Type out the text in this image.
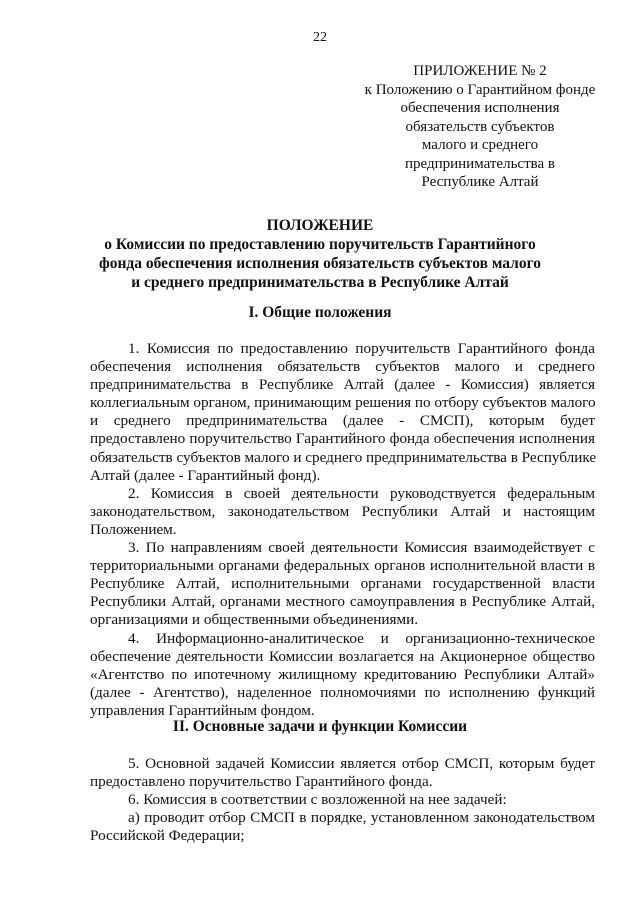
22
ПРИЛОЖЕНИЕ № 2
к Положению о Гарантийном фонде
обеспечения исполнения
обязательств субъектов
малого и среднего
предпринимательства в
Республике Алтай
ПОЛОЖЕНИЕ
о Комиссии по предоставлению поручительств Гарантийного
фонда обеспечения исполнения обязательств субъектов малого
и среднего предпринимательства в Республике Алтай
I. Общие положения
1. Комиссия по предоставлению поручительств Гарантийного фонда
обеспечения исполнения обязательств субъектов малого и среднего
предпринимательства в Республике Алтай (далее - Комиссия) является
коллегиальным органом, принимающим решения по отбору субъектов малого
и среднего предпринимательства (далее - СМСП), которым будет
предоставлено поручительство Гарантийного фонда обеспечения исполнения
обязательств субъектов малого и среднего предпринимательства в Республике
Алтай (далее - Гарантийный фонд).
2. Комиссия в своей деятельности руководствуется федеральным
законодательством, законодательством Республики Алтай и настоящим
Положением.
3. По направлениям своей деятельности Комиссия взаимодействует с
территориальными органами федеральных органов исполнительной власти в
Республике Алтай, исполнительными органами государственной власти
Республики Алтай, органами местного самоуправления в Республике Алтай,
организациями и общественными объединениями.
4. Информационно-аналитическое и организационно-техническое
обеспечение деятельности Комиссии возлагается на Акционерное общество
«Агентство по ипотечному жилищному кредитованию Республики Алтай»
(далее - Агентство), наделенное полномочиями по исполнению функций
управления Гарантийным фондом.
II. Основные задачи и функции Комиссии
5. Основной задачей Комиссии является отбор СМСП, которым будет
предоставлено поручительство Гарантийного фонда.
6. Комиссия в соответствии с возложенной на нее задачей:
а) проводит отбор СМСП в порядке, установленном законодательством
Российской Федерации;
